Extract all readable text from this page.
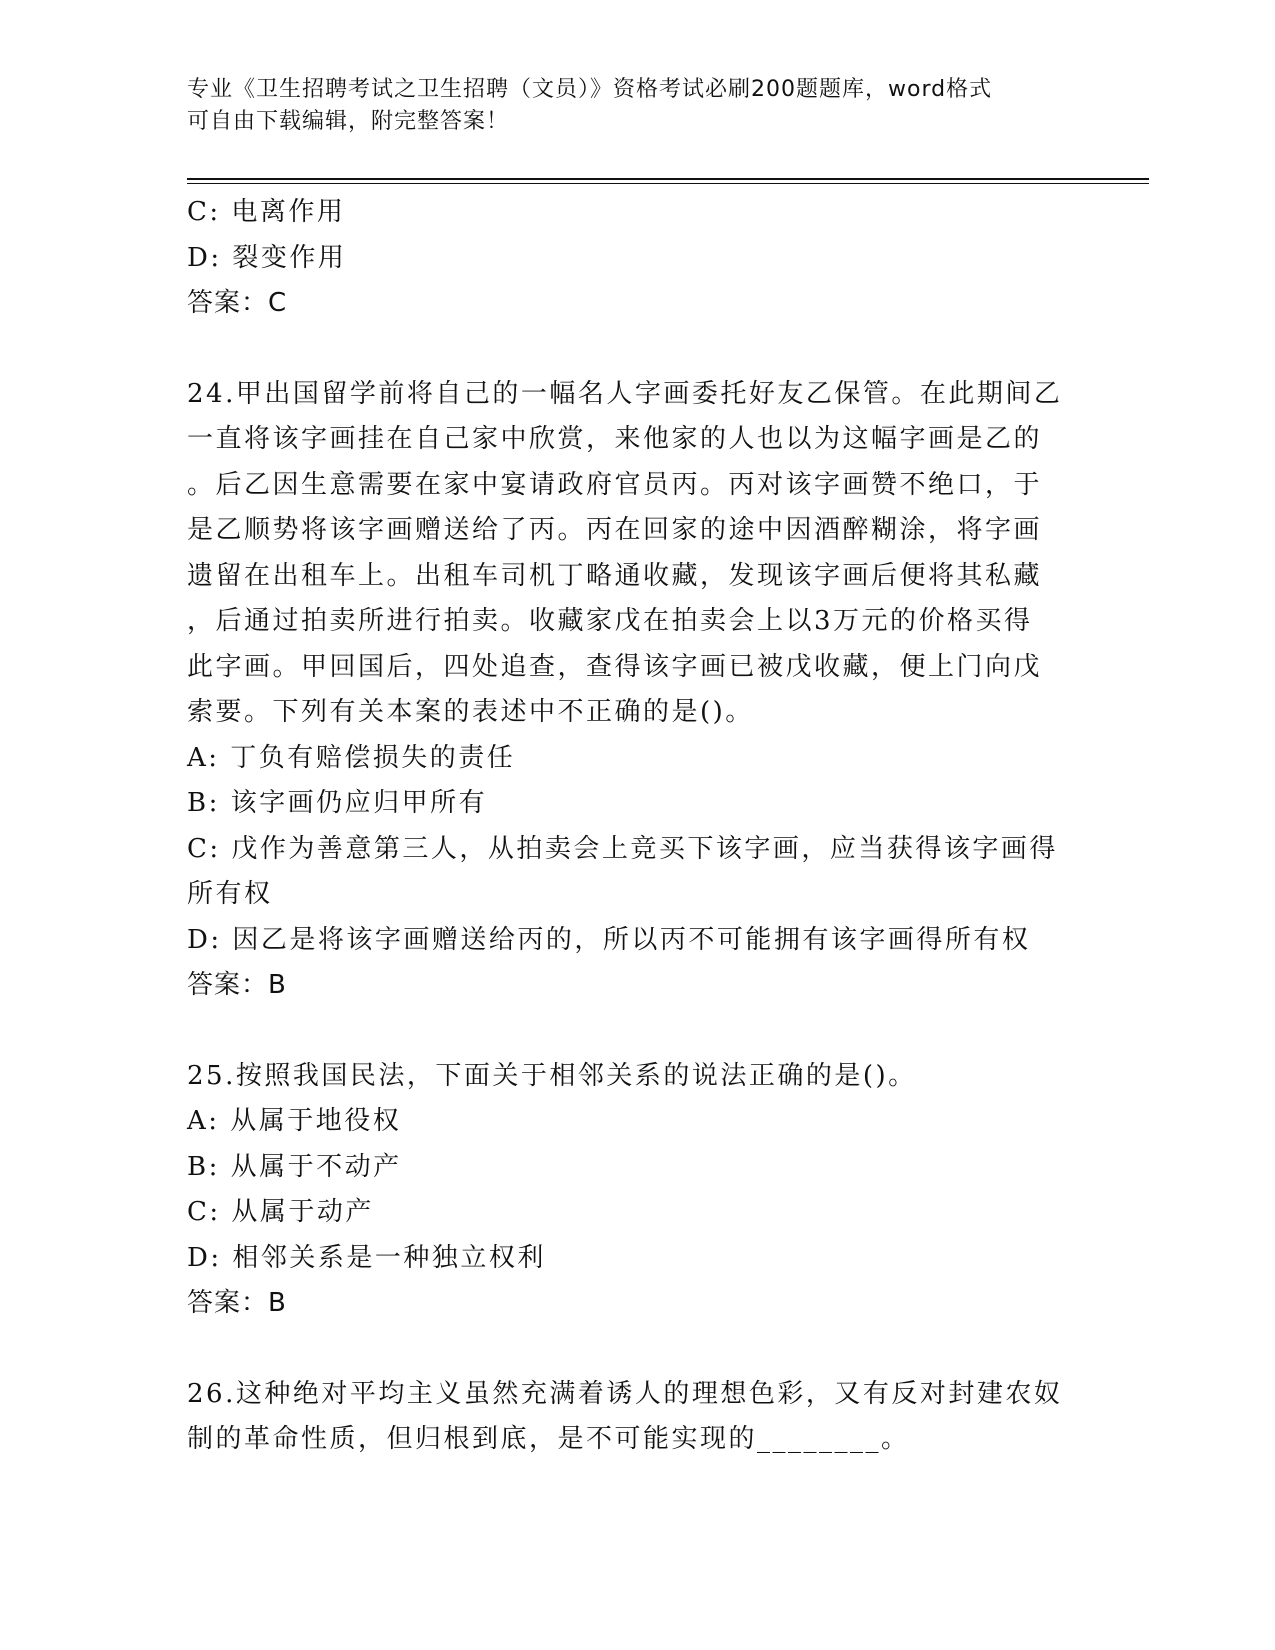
专业《卫生招聘考试之卫生招聘（文员）》资格考试必刷200题题库，word格式
可自由下载编辑，附完整答案！
C: 电离作用
D: 裂变作用
答案：C
24.甲出国留学前将自己的一幅名人字画委托好友乙保管。在此期间乙
一直将该字画挂在自己家中欣赏，来他家的人也以为这幅字画是乙的
。后乙因生意需要在家中宴请政府官员丙。丙对该字画赞不绝口，于
是乙顺势将该字画赠送给了丙。丙在回家的途中因酒醉糊涂，将字画
遗留在出租车上。出租车司机丁略通收藏，发现该字画后便将其私藏
，后通过拍卖所进行拍卖。收藏家戊在拍卖会上以3万元的价格买得
此字画。甲回国后，四处追查，查得该字画已被戊收藏，便上门向戊
索要。下列有关本案的表述中不正确的是()。
A: 丁负有赔偿损失的责任
B: 该字画仍应归甲所有
C: 戊作为善意第三人，从拍卖会上竞买下该字画，应当获得该字画得
所有权
D: 因乙是将该字画赠送给丙的，所以丙不可能拥有该字画得所有权
答案：B
25.按照我国民法，下面关于相邻关系的说法正确的是()。
A: 从属于地役权
B: 从属于不动产
C: 从属于动产
D: 相邻关系是一种独立权利
答案：B
26.这种绝对平均主义虽然充满着诱人的理想色彩，又有反对封建农奴
制的革命性质，但归根到底，是不可能实现的________。
